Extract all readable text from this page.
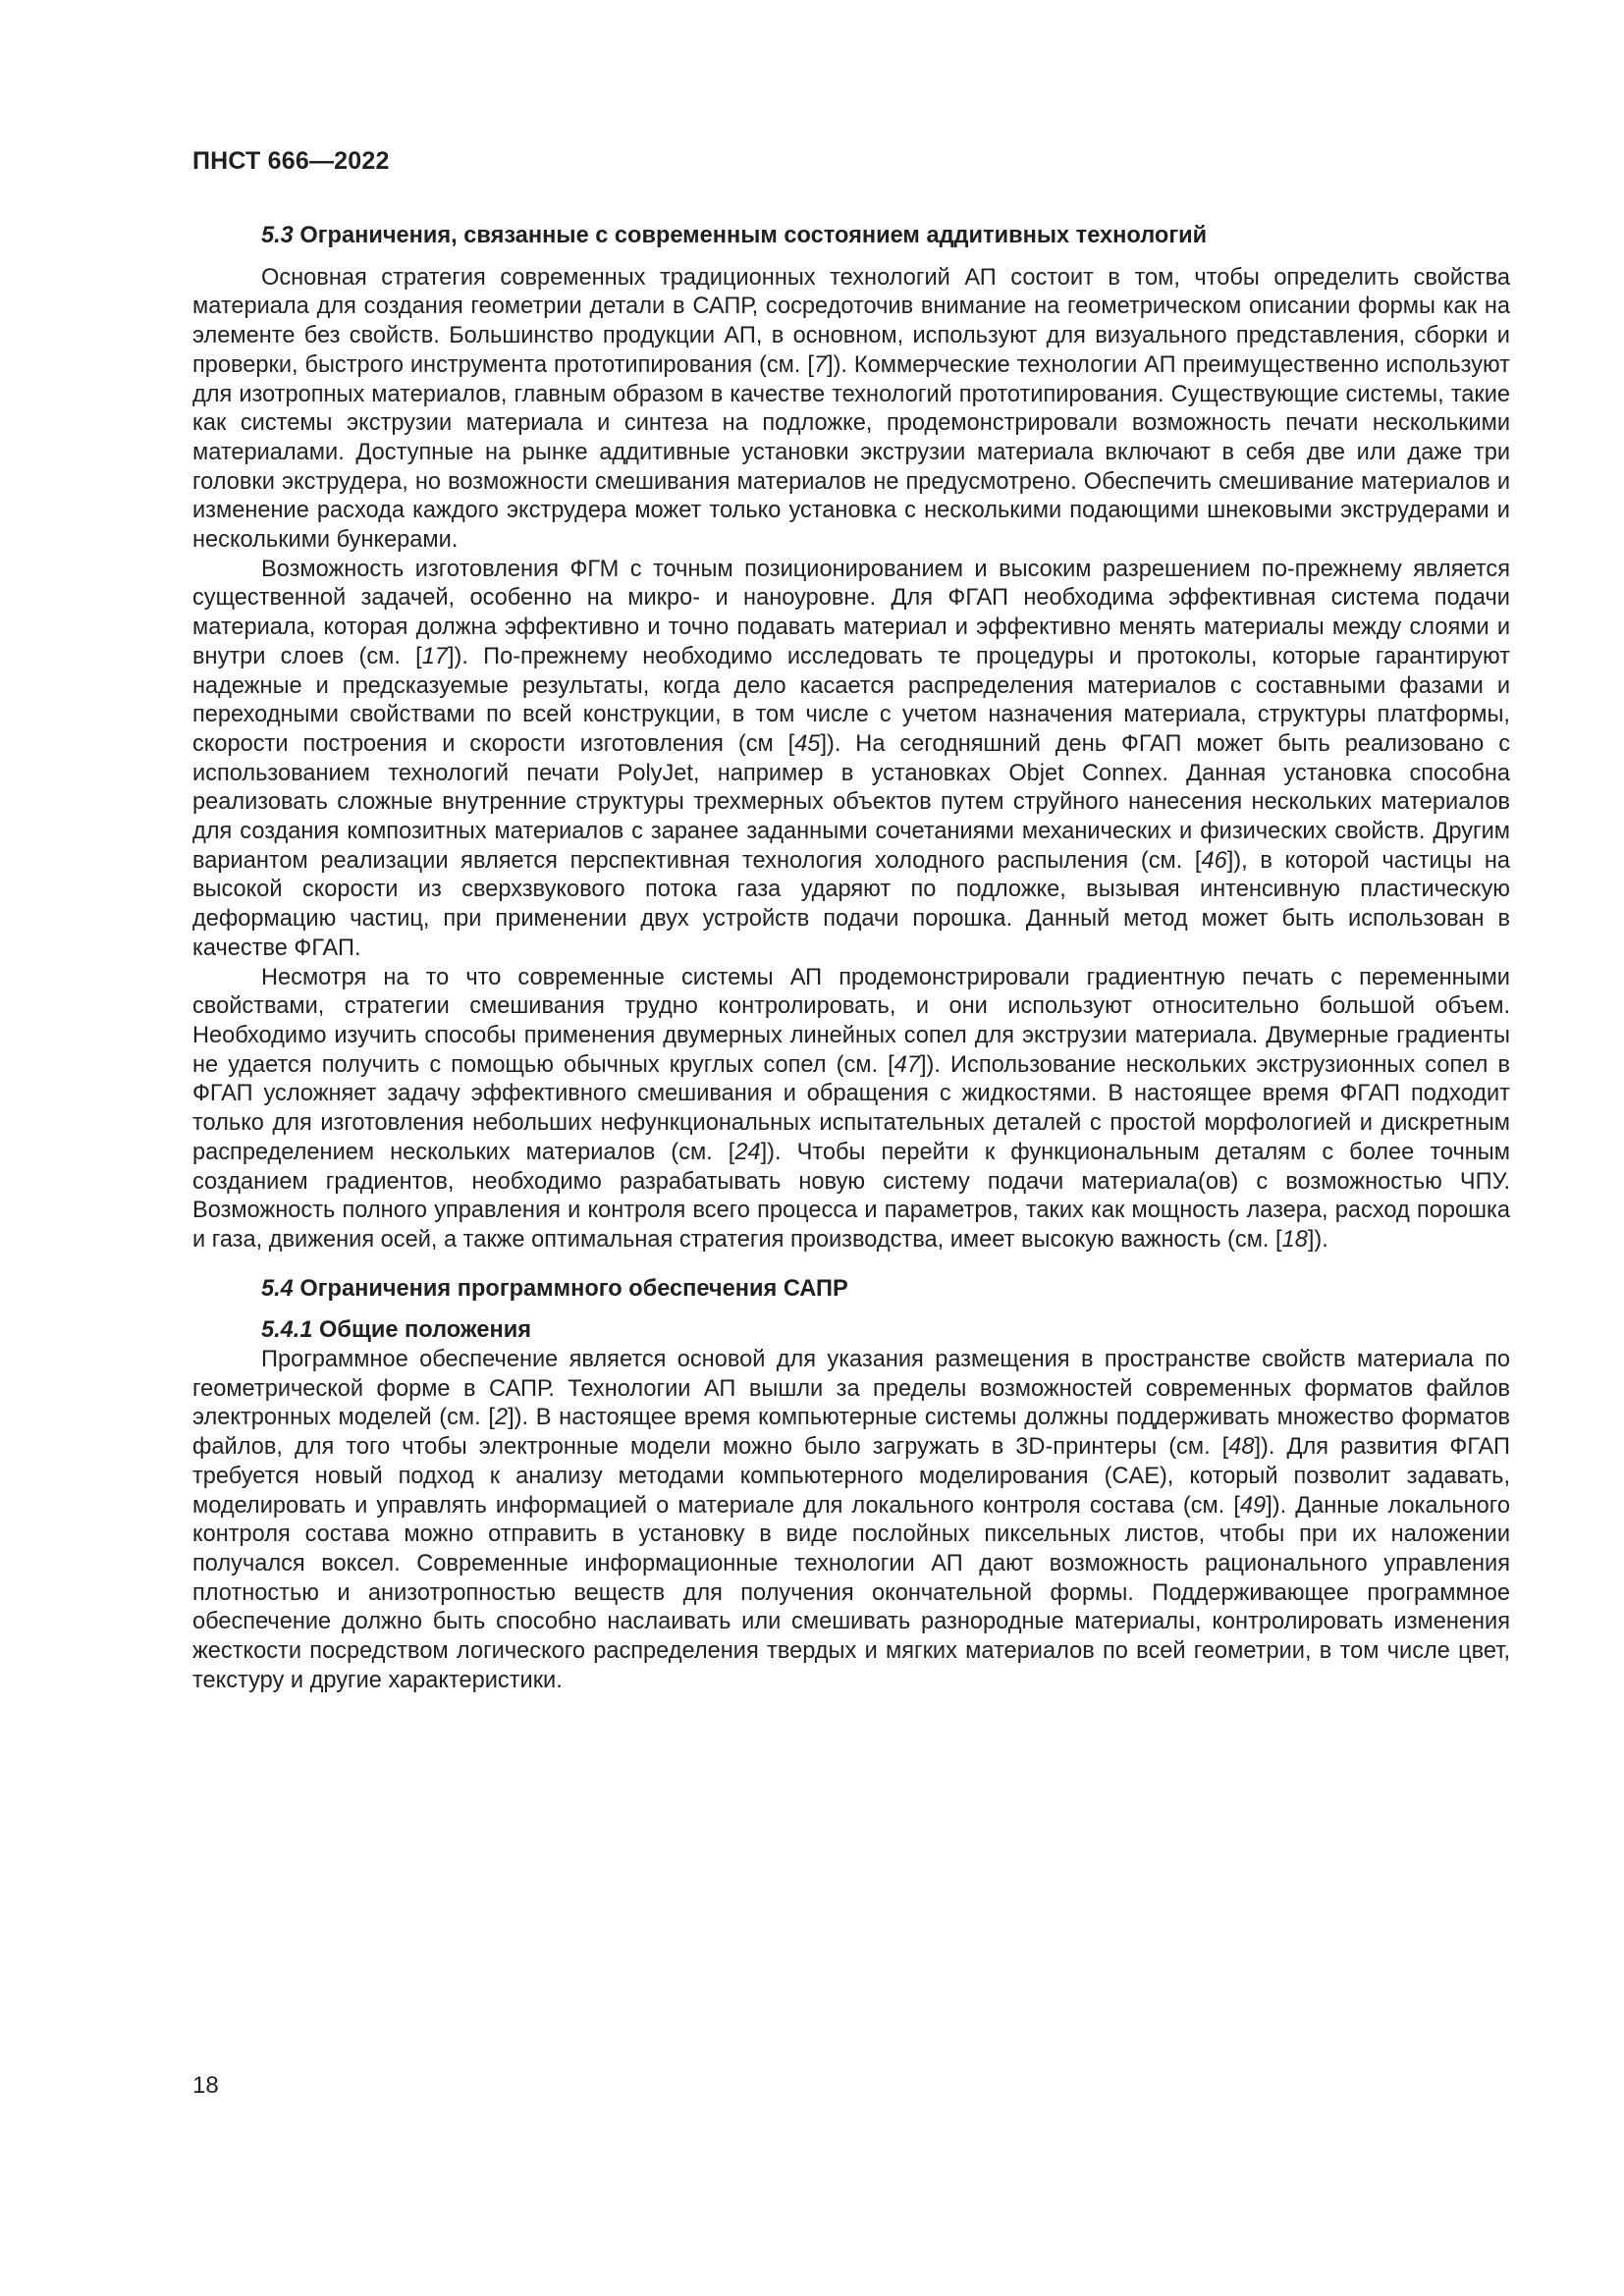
ПНСТ 666—2022

5.3 Ограничения, связанные с современным состоянием аддитивных технологий

Основная стратегия современных традиционных технологий АП состоит в том, чтобы определить свойства материала для создания геометрии детали в САПР, сосредоточив внимание на геометрическом описании формы как на элементе без свойств. Большинство продукции АП, в основном, используют для визуального представления, сборки и проверки, быстрого инструмента прототипирования (см. [7]). Коммерческие технологии АП преимущественно используют для изотропных материалов, главным образом в качестве технологий прототипирования. Существующие системы, такие как системы экструзии материала и синтеза на подложке, продемонстрировали возможность печати несколькими материалами. Доступные на рынке аддитивные установки экструзии материала включают в себя две или даже три головки экструдера, но возможности смешивания материалов не предусмотрено. Обеспечить смешивание материалов и изменение расхода каждого экструдера может только установка с несколькими подающими шнековыми экструдерами и несколькими бункерами.

Возможность изготовления ФГМ с точным позиционированием и высоким разрешением по-прежнему является существенной задачей, особенно на микро- и наноуровне. Для ФГАП необходима эффективная система подачи материала, которая должна эффективно и точно подавать материал и эффективно менять материалы между слоями и внутри слоев (см. [17]). По-прежнему необходимо исследовать те процедуры и протоколы, которые гарантируют надежные и предсказуемые результаты, когда дело касается распределения материалов с составными фазами и переходными свойствами по всей конструкции, в том числе с учетом назначения материала, структуры платформы, скорости построения и скорости изготовления (см [45]). На сегодняшний день ФГАП может быть реализовано с использованием технологий печати PolyJet, например в установках Objet Connex. Данная установка способна реализовать сложные внутренние структуры трехмерных объектов путем струйного нанесения нескольких материалов для создания композитных материалов с заранее заданными сочетаниями механических и физических свойств. Другим вариантом реализации является перспективная технология холодного распыления (см. [46]), в которой частицы на высокой скорости из сверхзвукового потока газа ударяют по подложке, вызывая интенсивную пластическую деформацию частиц, при применении двух устройств подачи порошка. Данный метод может быть использован в качестве ФГАП.

Несмотря на то что современные системы АП продемонстрировали градиентную печать с переменными свойствами, стратегии смешивания трудно контролировать, и они используют относительно большой объем. Необходимо изучить способы применения двумерных линейных сопел для экструзии материала. Двумерные градиенты не удается получить с помощью обычных круглых сопел (см. [47]). Использование нескольких экструзионных сопел в ФГАП усложняет задачу эффективного смешивания и обращения с жидкостями. В настоящее время ФГАП подходит только для изготовления небольших нефункциональных испытательных деталей с простой морфологией и дискретным распределением нескольких материалов (см. [24]). Чтобы перейти к функциональным деталям с более точным созданием градиентов, необходимо разрабатывать новую систему подачи материала(ов) с возможностью ЧПУ. Возможность полного управления и контроля всего процесса и параметров, таких как мощность лазера, расход порошка и газа, движения осей, а также оптимальная стратегия производства, имеет высокую важность (см. [18]).

5.4 Ограничения программного обеспечения САПР

5.4.1 Общие положения

Программное обеспечение является основой для указания размещения в пространстве свойств материала по геометрической форме в САПР. Технологии АП вышли за пределы возможностей современных форматов файлов электронных моделей (см. [2]). В настоящее время компьютерные системы должны поддерживать множество форматов файлов, для того чтобы электронные модели можно было загружать в 3D-принтеры (см. [48]). Для развития ФГАП требуется новый подход к анализу методами компьютерного моделирования (CAE), который позволит задавать, моделировать и управлять информацией о материале для локального контроля состава (см. [49]). Данные локального контроля состава можно отправить в установку в виде послойных пиксельных листов, чтобы при их наложении получался воксел. Современные информационные технологии АП дают возможность рационального управления плотностью и анизотропностью веществ для получения окончательной формы. Поддерживающее программное обеспечение должно быть способно наслаивать или смешивать разнородные материалы, контролировать изменения жесткости посредством логического распределения твердых и мягких материалов по всей геометрии, в том числе цвет, текстуру и другие характеристики.

18
